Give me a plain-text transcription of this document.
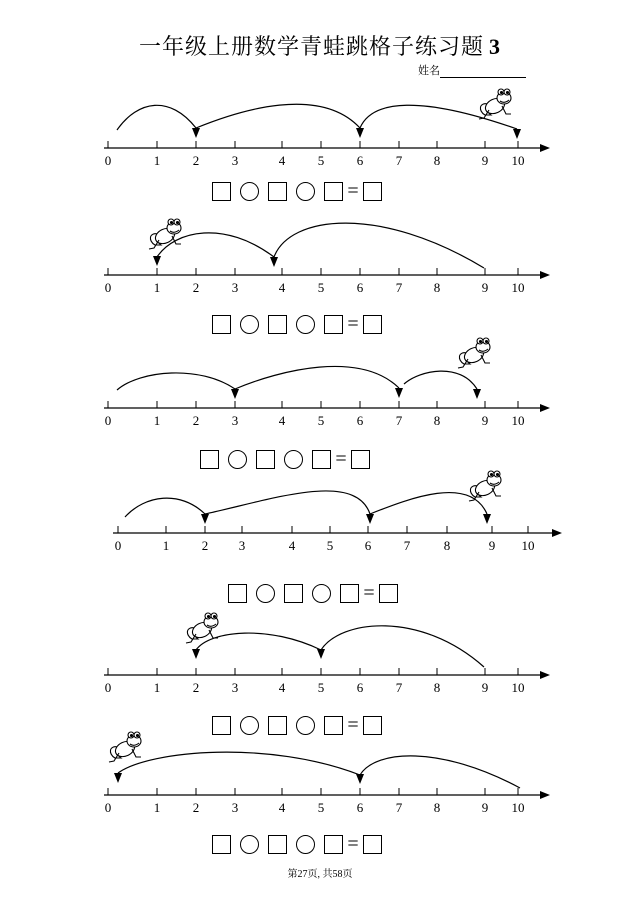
一年级上册数学青蛙跳格子练习题 3
姓名
0	1	2	3	4	5	6	7 8	9 10
0	1	2	3	4	5	6	7 8	9 10
0	1	2	3	4	5	6	7 8	9 10
0	1	2 3	4 5 6	7	8	9 10
0	1	2	3	4	5	6	7 8	9 10
0	1	2	3	4	5	6	7 8	9 10
=
=
=
=
=
=
第27页, 共58页
